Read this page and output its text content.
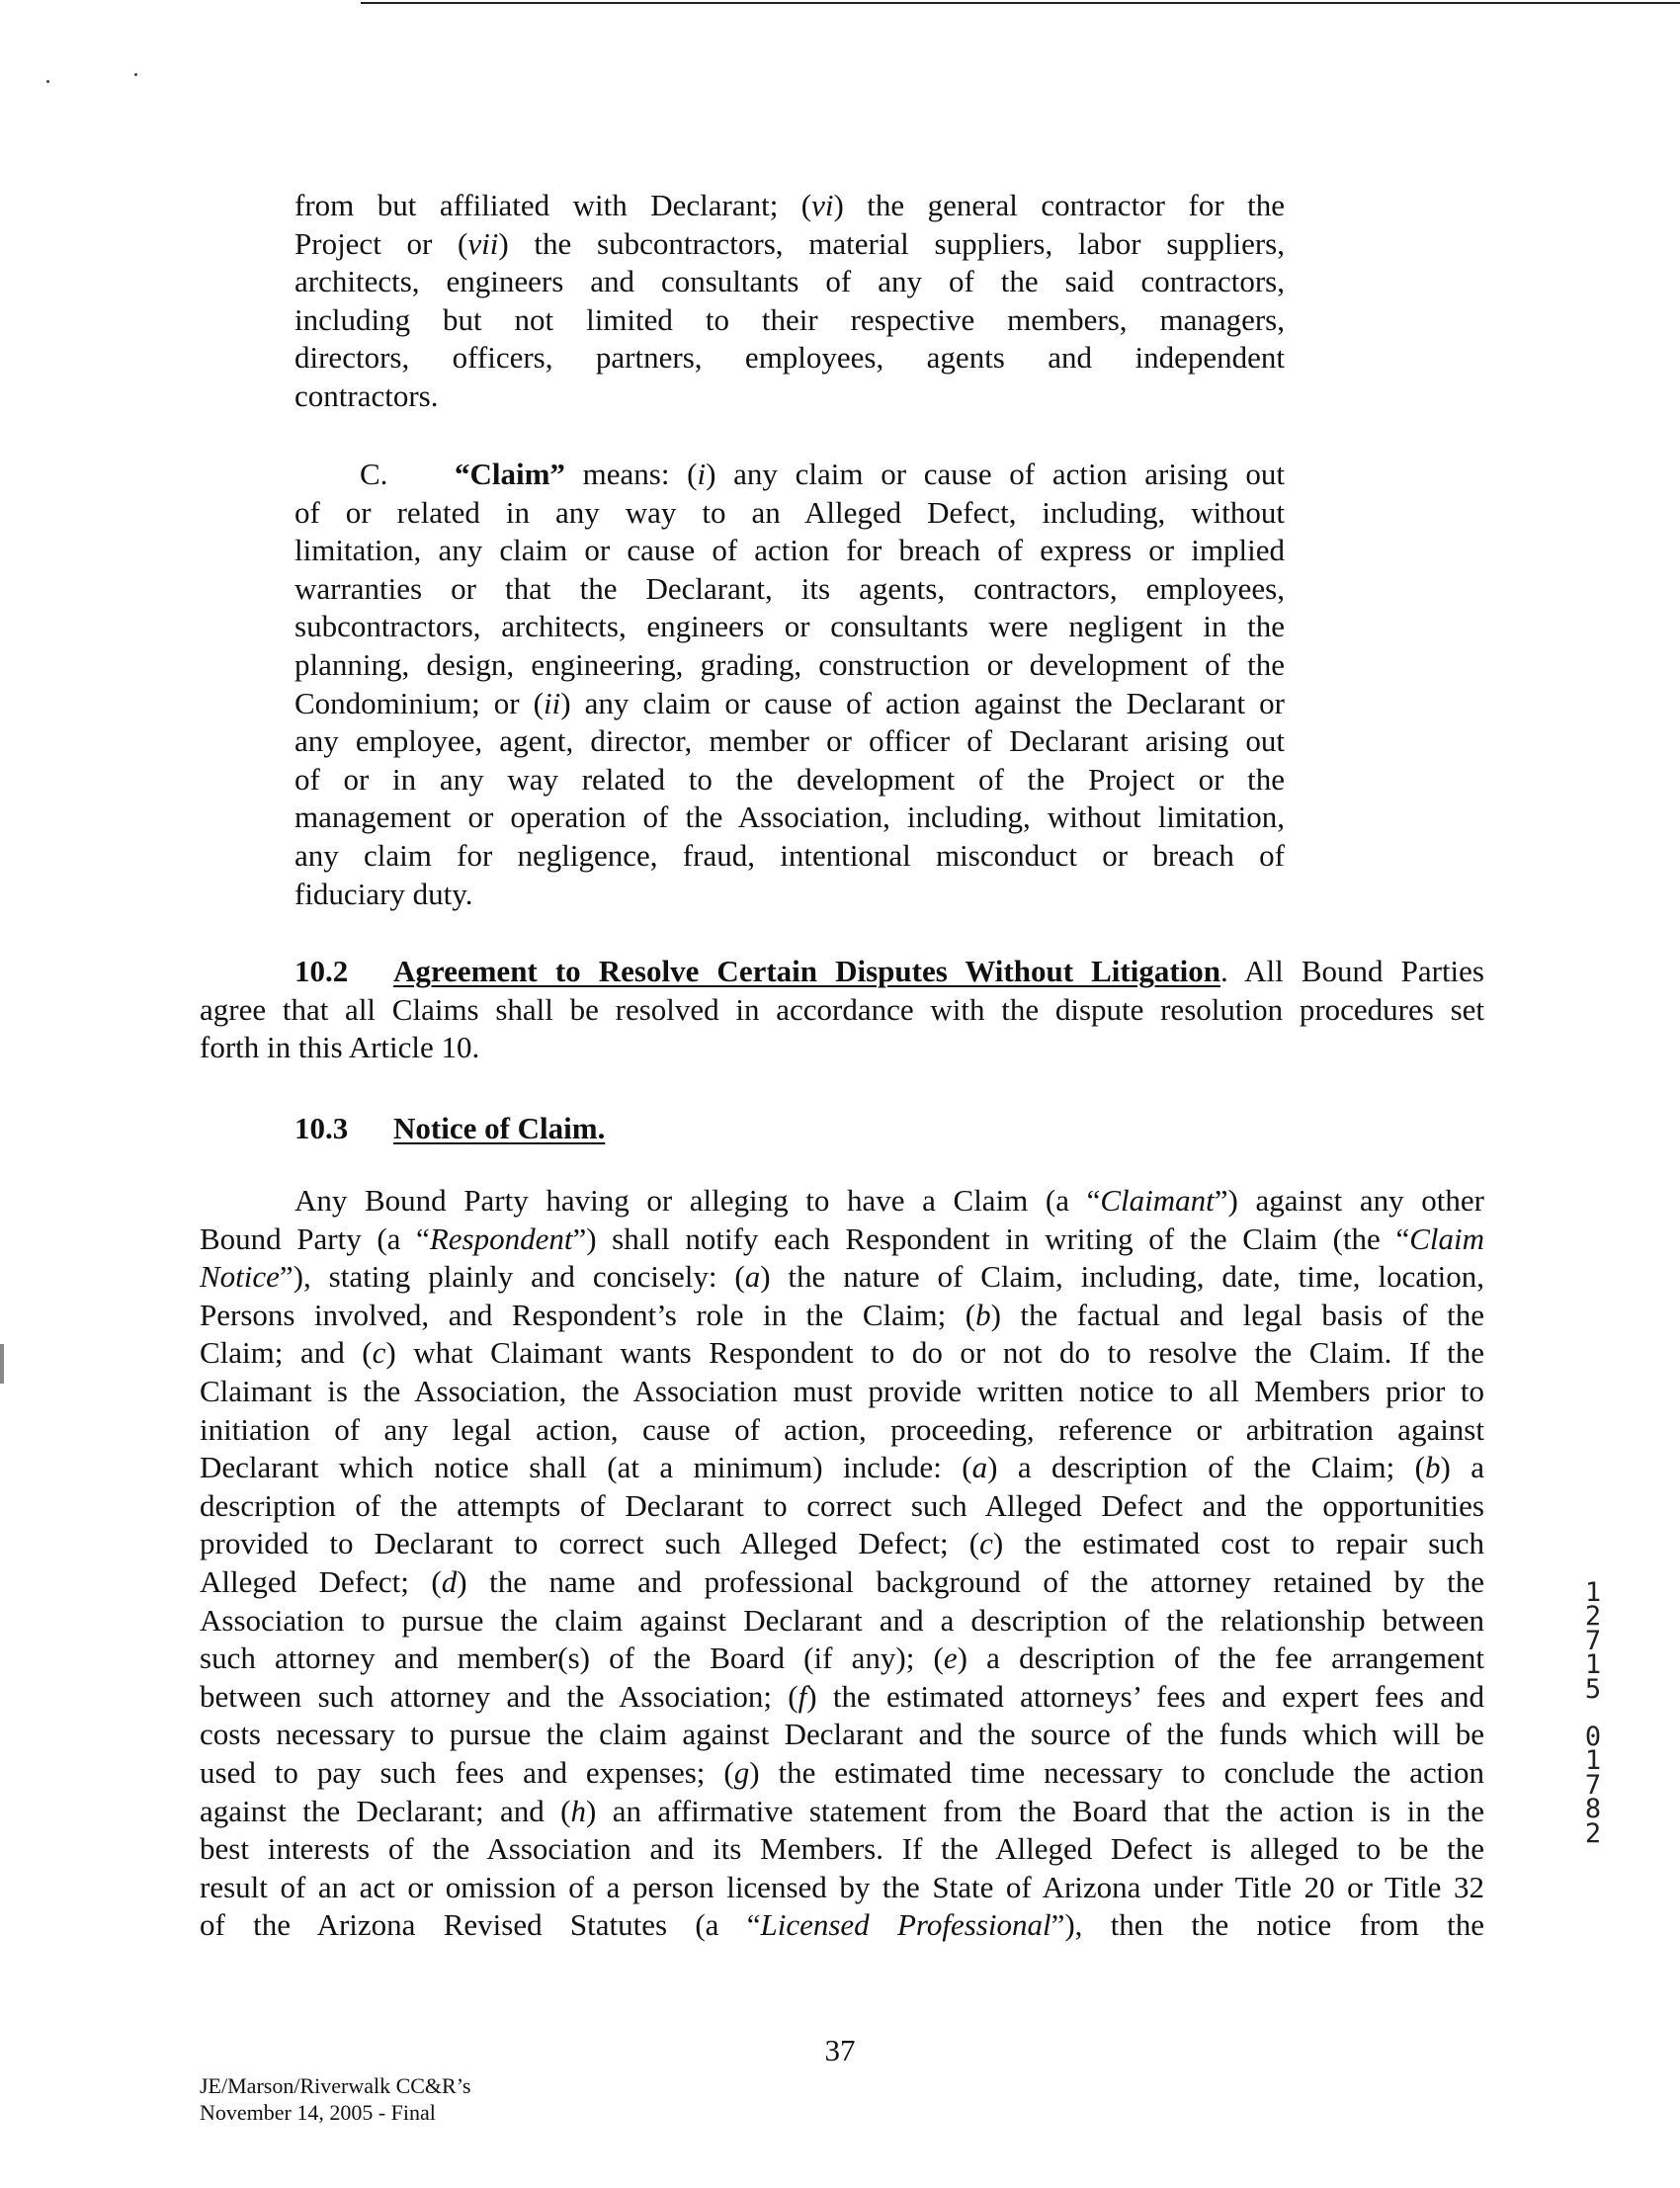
from but affiliated with Declarant; (vi) the general contractor for the
Project or (vii) the subcontractors, material suppliers, labor suppliers,
architects, engineers and consultants of any of the said contractors,
including but not limited to their respective members, managers,
directors, officers, partners, employees, agents and independent
contractors.
C. “Claim” means: (i) any claim or cause of action arising out
of or related in any way to an Alleged Defect, including, without
limitation, any claim or cause of action for breach of express or implied
warranties or that the Declarant, its agents, contractors, employees,
subcontractors, architects, engineers or consultants were negligent in the
planning, design, engineering, grading, construction or development of the
Condominium; or (ii) any claim or cause of action against the Declarant or
any employee, agent, director, member or officer of Declarant arising out
of or in any way related to the development of the Project or the
management or operation of the Association, including, without limitation,
any claim for negligence, fraud, intentional misconduct or breach of
fiduciary duty.
10.2 Agreement to Resolve Certain Disputes Without Litigation. All Bound Parties
agree that all Claims shall be resolved in accordance with the dispute resolution procedures set
forth in this Article 10.
10.3 Notice of Claim.
Any Bound Party having or alleging to have a Claim (a “Claimant”) against any other
Bound Party (a “Respondent”) shall notify each Respondent in writing of the Claim (the “Claim
Notice”), stating plainly and concisely: (a) the nature of Claim, including, date, time, location,
Persons involved, and Respondent’s role in the Claim; (b) the factual and legal basis of the
Claim; and (c) what Claimant wants Respondent to do or not do to resolve the Claim. If the
Claimant is the Association, the Association must provide written notice to all Members prior to
initiation of any legal action, cause of action, proceeding, reference or arbitration against
Declarant which notice shall (at a minimum) include: (a) a description of the Claim; (b) a
description of the attempts of Declarant to correct such Alleged Defect and the opportunities
provided to Declarant to correct such Alleged Defect; (c) the estimated cost to repair such
Alleged Defect; (d) the name and professional background of the attorney retained by the
Association to pursue the claim against Declarant and a description of the relationship between
such attorney and member(s) of the Board (if any); (e) a description of the fee arrangement
between such attorney and the Association; (f) the estimated attorneys’ fees and expert fees and
costs necessary to pursue the claim against Declarant and the source of the funds which will be
used to pay such fees and expenses; (g) the estimated time necessary to conclude the action
against the Declarant; and (h) an affirmative statement from the Board that the action is in the
best interests of the Association and its Members. If the Alleged Defect is alleged to be the
result of an act or omission of a person licensed by the State of Arizona under Title 20 or Title 32
of the Arizona Revised Statutes (a “Licensed Professional”), then the notice from the
1
2
7
1
5
0
1
7
8
2
37
JE/Marson/Riverwalk CC&R’s
November 14, 2005 - Final
